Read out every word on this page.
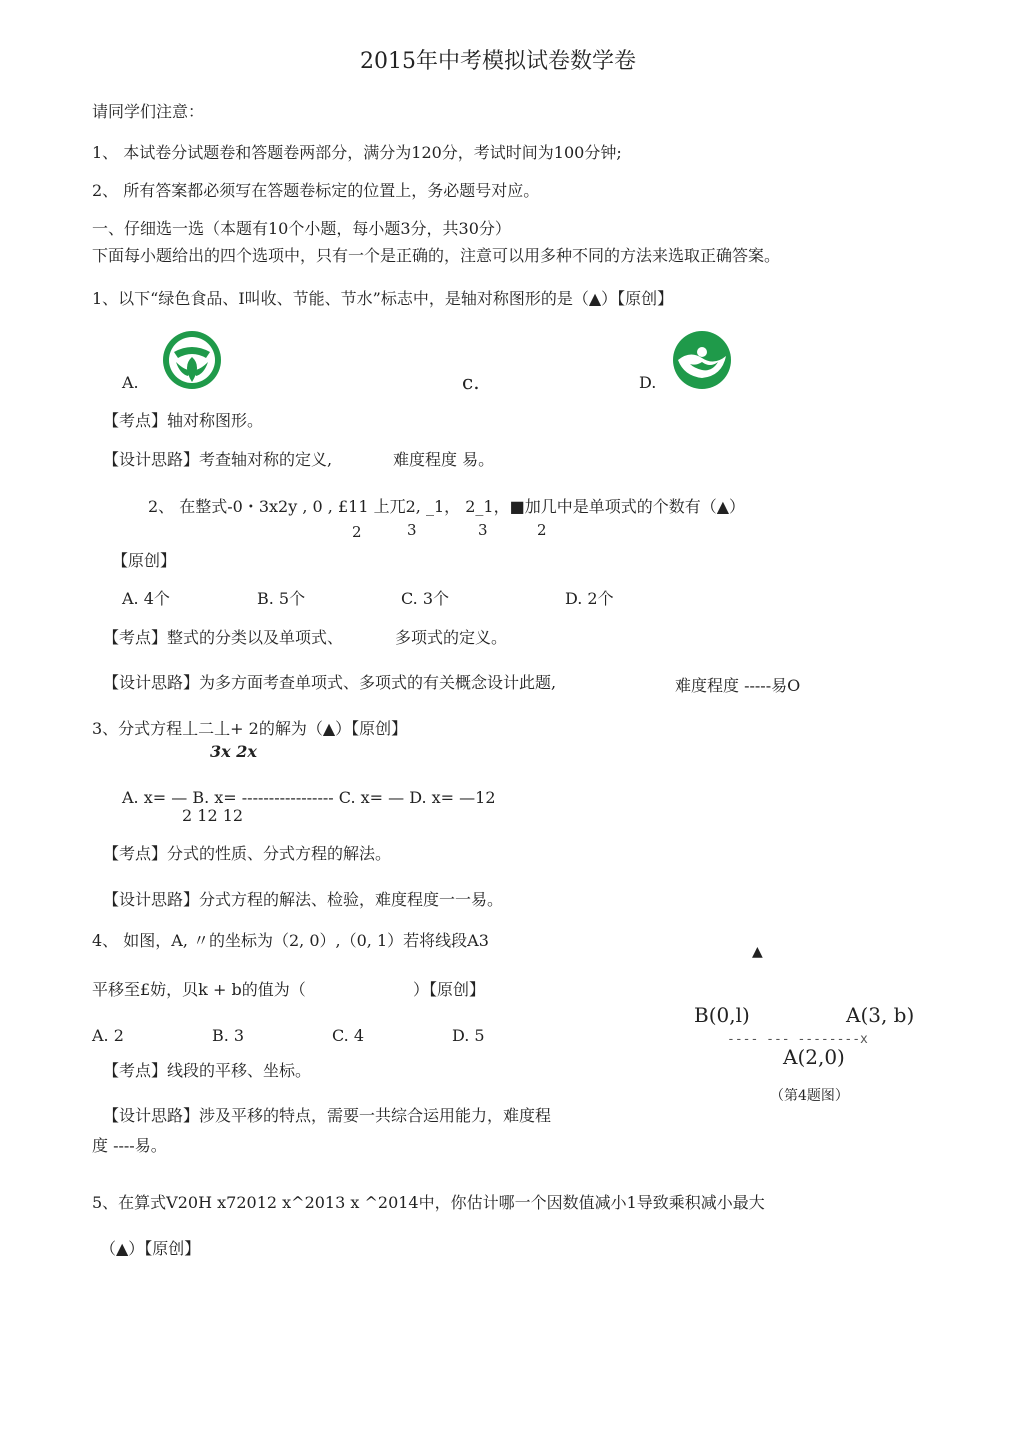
2015年中考模拟试卷数学卷
请同学们注意：
1、 本试卷分试题卷和答题卷两部分，满分为120分，考试时间为100分钟;
2、 所有答案都必须写在答题卷标定的位置上，务必题号对应。
一、仔细选一选（本题有10个小题，每小题3分，共30分）
下面每小题给出的四个选项中，只有一个是正确的，注意可以用多种不同的方法来选取正确答案。
1、以下“绿色食品、I叫收、节能、节水”标志中，是轴对称图形的是（▲）【原创】
A.	c.	D.
【考点】轴对称图形。
【设计思路】考查轴对称的定义,	难度程度 易。
2、 在整式-0・3x2y , 0 , £11 上兀2, _1， 2_1，■加几中是单项式的个数有（▲）
2	3	3	2
【原创】
A. 4个	B. 5个	C. 3个	D. 2个
【考点】整式的分类以及单项式、	多项式的定义。
【设计思路】为多方面考查单项式、多项式的有关概念设计此题,	难度程度 -----易O
3、分式方程丄二丄+ 2的解为（▲）【原创】
3x 2x
A. x= — B. x= ----------------- C. x= — D. x= —12
2 12 12
【考点】分式的性质、分式方程的解法。
【设计思路】分式方程的解法、检验，难度程度一一易。
4、 如图，A, 〃的坐标为（2, 0）,（0, 1）若将线段A3
平移至£妨，贝k + b的值为（	）【原创】
A. 2	B. 3	C. 4	D. 5
【考点】线段的平移、坐标。
【设计思路】涉及平移的特点，需要一共综合运用能力，难度程
度 ----易。
▲
B(0,l)	A(3, b)
---- --- --------x
A(2,0)
（第4题图）
5、在算式V20H x72012 x^2013 x ^2014中，你估计哪一个因数值减小1导致乘积减小最大
（▲）【原创】
